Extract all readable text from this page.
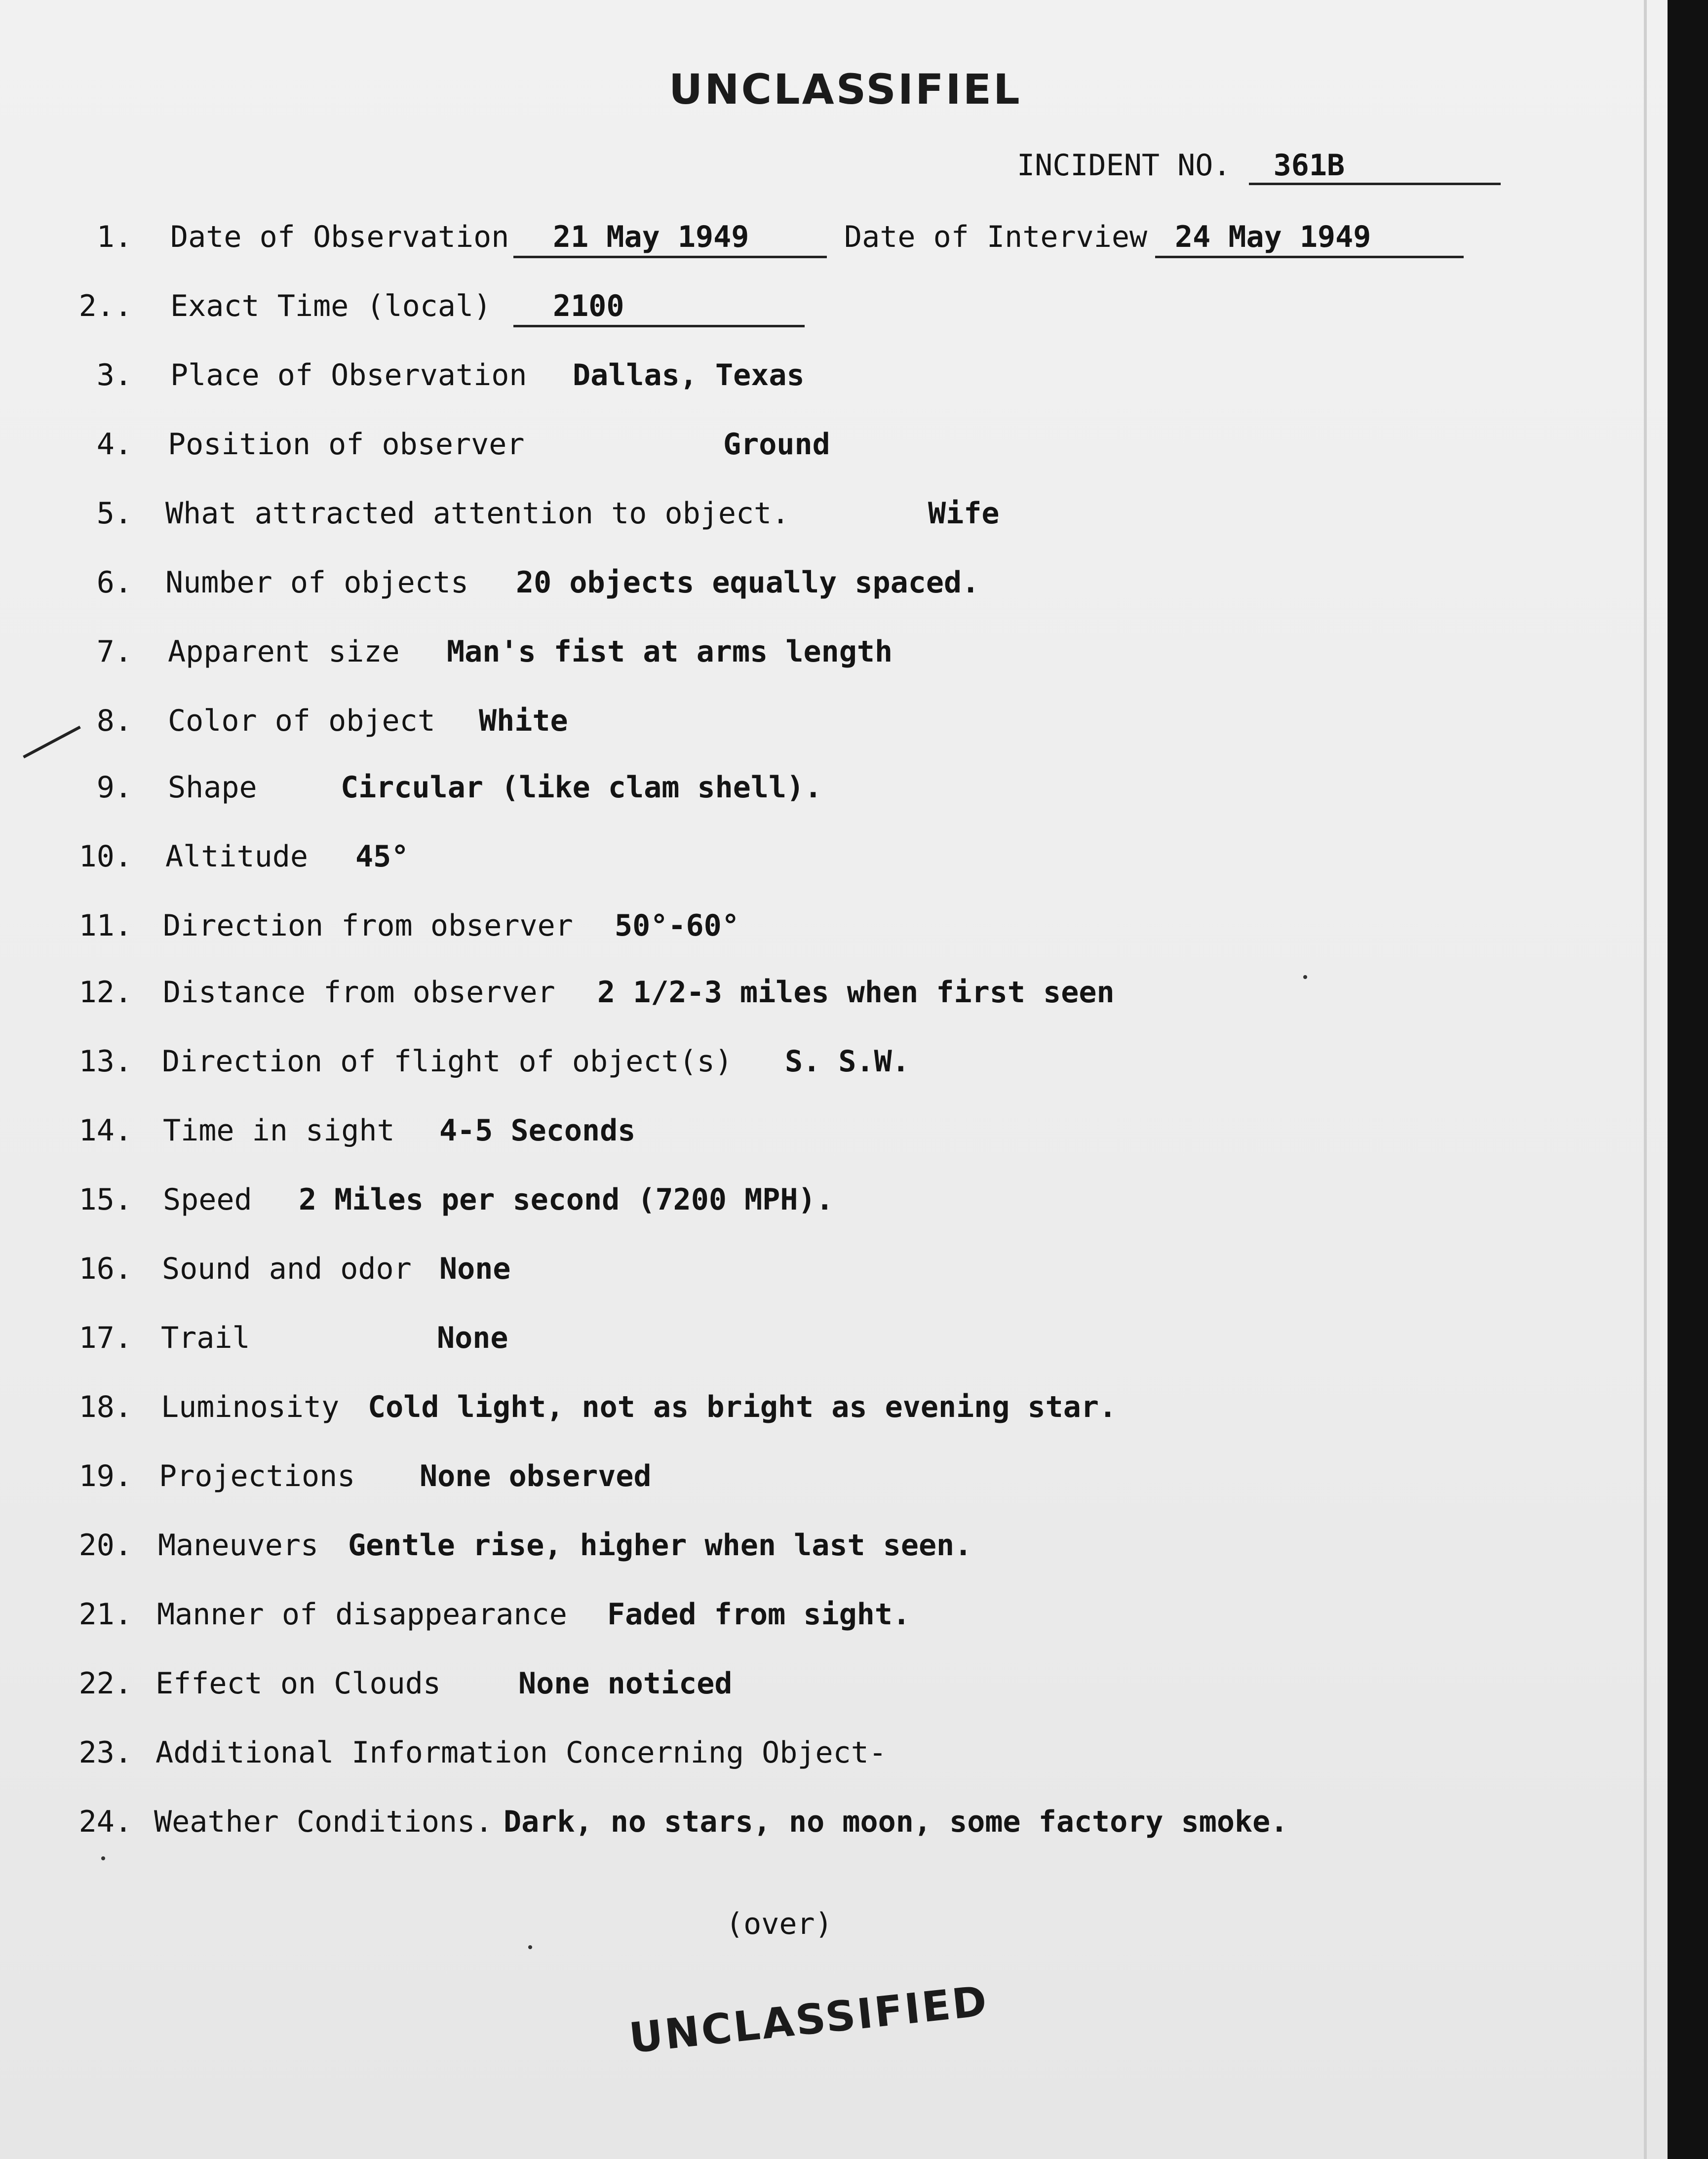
UNCLASSIFIEL
INCIDENT NO. 361B
1. Date of Observation 21 May 1949	Date of Interview 24 May 1949
2.. Exact Time (local) 2100
3. Place of Observation Dallas, Texas
4. Position of observer	Ground
5. What attracted attention to object.	Wife
6. Number of objects 20 objects equally spaced.
7. Apparent size Man's fist at arms length
8. Color of object White
9. Shape	Circular (like clam shell).
10. Altitude 45°
11. Direction from observer 50°-60°
12. Distance from observer 2 1/2-3 miles when first seen
13. Direction of flight of object(s) S. S.W.
14. Time in sight 4-5 Seconds
15. Speed 2 Miles per second (7200 MPH).
16. Sound and odor None
17. Trail	None
18. Luminosity Cold light, not as bright as evening star.
19. Projections None observed
20. Maneuvers Gentle rise, higher when last seen.
21. Manner of disappearance Faded from sight.
22. Effect on Clouds	None noticed
23. Additional Information Concerning Object-
24. Weather Conditions. Dark, no stars, no moon, some factory smoke.
(over)
UNCLASSIFIED
